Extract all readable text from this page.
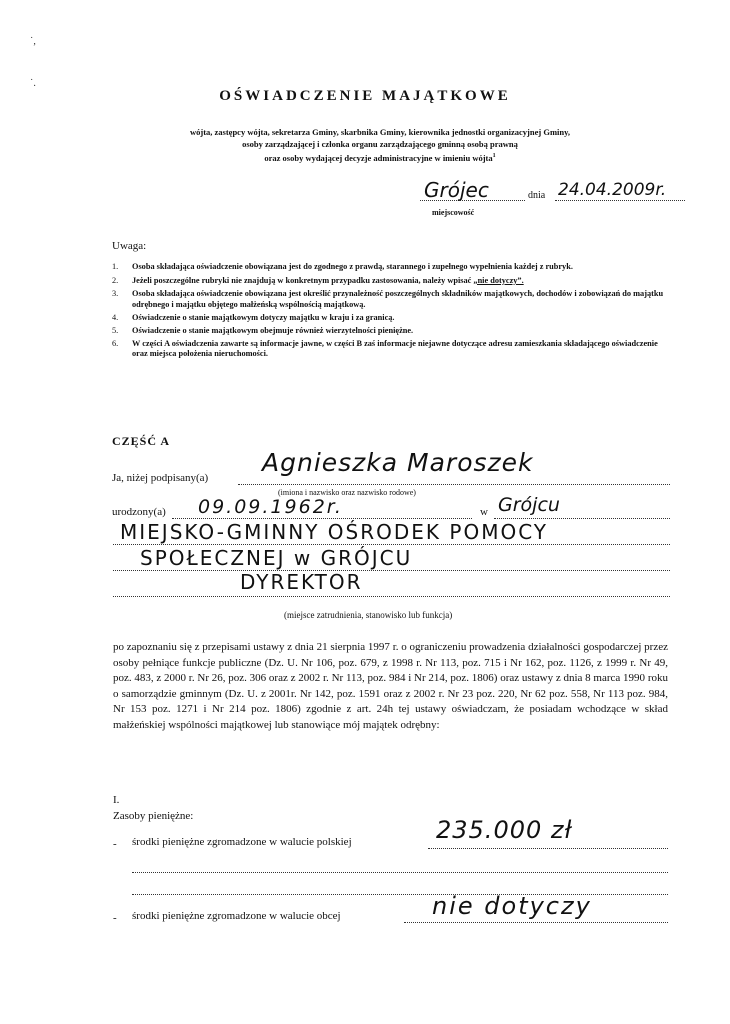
˙,
˙.
OŚWIADCZENIE MAJĄTKOWE
wójta, zastępcy wójta, sekretarza Gminy, skarbnika Gminy, kierownika jednostki organizacyjnej Gminy,
osoby zarządzającej i członka organu zarządzającego gminną osobą prawną
oraz osoby wydającej decyzje administracyjne w imieniu wójta$^1$
Grójec	dnia 24.04.2009r.
miejscowość
Uwaga:
1. Osoba składająca oświadczenie obowiązana jest do zgodnego z prawdą, starannego i zupełnego wypełnienia każdej z rubryk.
2. Jeżeli poszczególne rubryki nie znajdują w konkretnym przypadku zastosowania, należy wpisać „nie dotyczy”.
3. Osoba składająca oświadczenie obowiązana jest określić przynależność poszczególnych składników majątkowych, dochodów i zobowiązań do majątku odrębnego i majątku objętego małżeńską wspólnością majątkową.
4. Oświadczenie o stanie majątkowym dotyczy majątku w kraju i za granicą.
5. Oświadczenie o stanie majątkowym obejmuje również wierzytelności pieniężne.
6. W części A oświadczenia zawarte są informacje jawne, w części B zaś informacje niejawne dotyczące adresu zamieszkania składającego oświadczenie oraz miejsca położenia nieruchomości.
CZĘŚĆ A
Ja, niżej podpisany(a)
Agnieszka Maroszek
(imiona i nazwisko oraz nazwisko rodowe)
urodzony(a) 09.09.1962r.	w Grójcu
MIEJSKO-GMINNY OŚRODEK POMOCY
SPOŁECZNEJ w GRÓJCU
DYREKTOR
(miejsce zatrudnienia, stanowisko lub funkcja)
po zapoznaniu się z przepisami ustawy z dnia 21 sierpnia 1997 r. o ograniczeniu prowadzenia działalności gospodarczej przez osoby pełniące funkcje publiczne (Dz. U. Nr 106, poz. 679, z 1998 r. Nr 113, poz. 715 i Nr 162, poz. 1126, z 1999 r. Nr 49, poz. 483, z 2000 r. Nr 26, poz. 306 oraz z 2002 r. Nr 113, poz. 984 i Nr 214, poz. 1806) oraz ustawy z dnia 8 marca 1990 roku o samorządzie gminnym (Dz. U. z 2001r. Nr 142, poz. 1591 oraz z 2002 r. Nr 23 poz. 220, Nr 62 poz. 558, Nr 113 poz. 984, Nr 153 poz. 1271 i Nr 214 poz. 1806) zgodnie z art. 24h tej ustawy oświadczam, że posiadam wchodzące w skład małżeńskiej wspólności majątkowej lub stanowiące mój majątek odrębny:
I.
Zasoby pieniężne:
- środki pieniężne zgromadzone w walucie polskiej	235.000 zł
- środki pieniężne zgromadzone w walucie obcej	nie dotyczy
